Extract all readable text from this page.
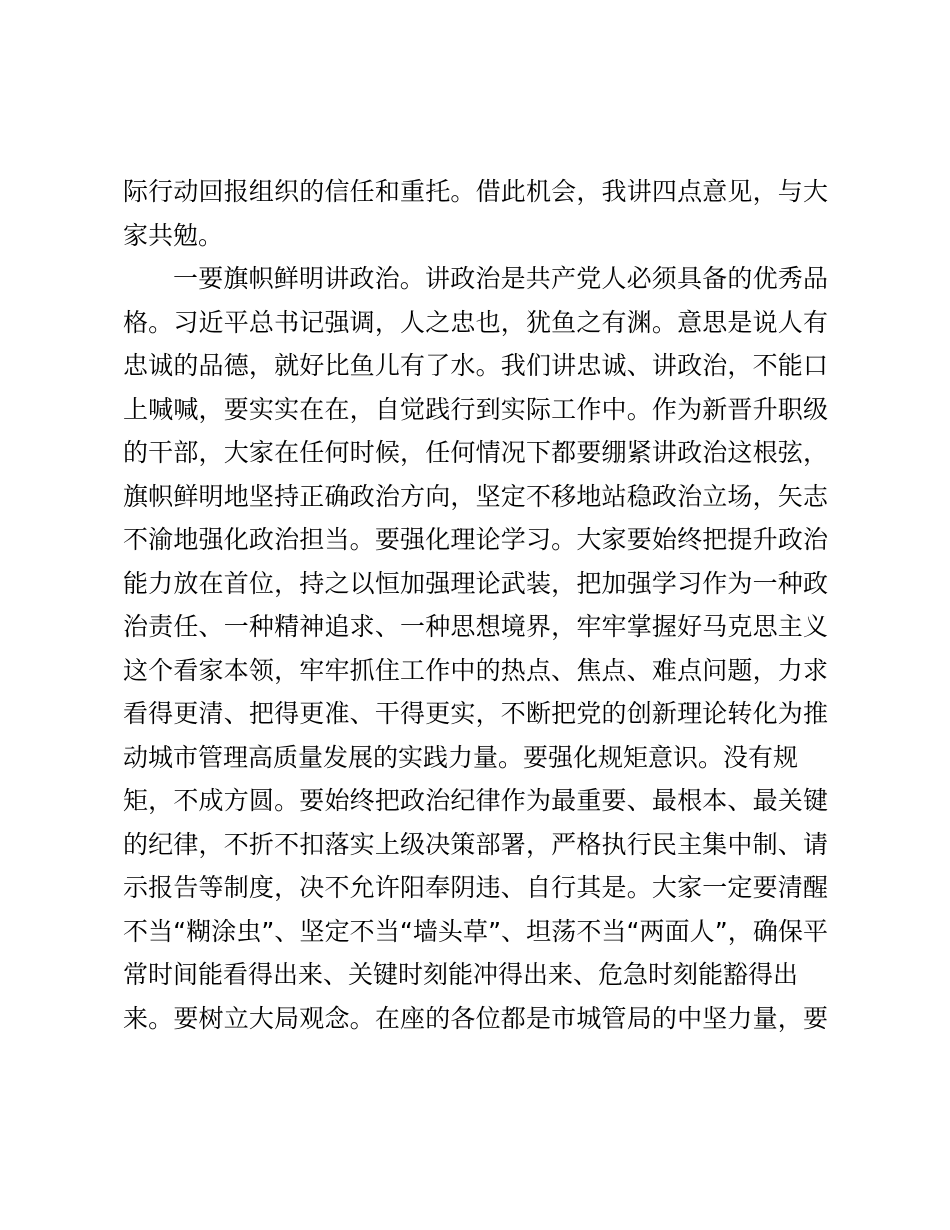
际行动回报组织的信任和重托。借此机会，我讲四点意见，与大
家共勉。
一要旗帜鲜明讲政治。讲政治是共产党人必须具备的优秀品
格。习近平总书记强调，人之忠也，犹鱼之有渊。意思是说人有
忠诚的品德，就好比鱼儿有了水。我们讲忠诚、讲政治，不能口
上喊喊，要实实在在，自觉践行到实际工作中。作为新晋升职级
的干部，大家在任何时候，任何情况下都要绷紧讲政治这根弦，
旗帜鲜明地坚持正确政治方向，坚定不移地站稳政治立场，矢志
不渝地强化政治担当。要强化理论学习。大家要始终把提升政治
能力放在首位，持之以恒加强理论武装，把加强学习作为一种政
治责任、一种精神追求、一种思想境界，牢牢掌握好马克思主义
这个看家本领，牢牢抓住工作中的热点、焦点、难点问题，力求
看得更清、把得更准、干得更实，不断把党的创新理论转化为推
动城市管理高质量发展的实践力量。要强化规矩意识。没有规
矩，不成方圆。要始终把政治纪律作为最重要、最根本、最关键
的纪律，不折不扣落实上级决策部署，严格执行民主集中制、请
示报告等制度，决不允许阳奉阴违、自行其是。大家一定要清醒
不当“糊涂虫”、坚定不当“墙头草”、坦荡不当“两面人”，确保平
常时间能看得出来、关键时刻能冲得出来、危急时刻能豁得出
来。要树立大局观念。在座的各位都是市城管局的中坚力量，要
